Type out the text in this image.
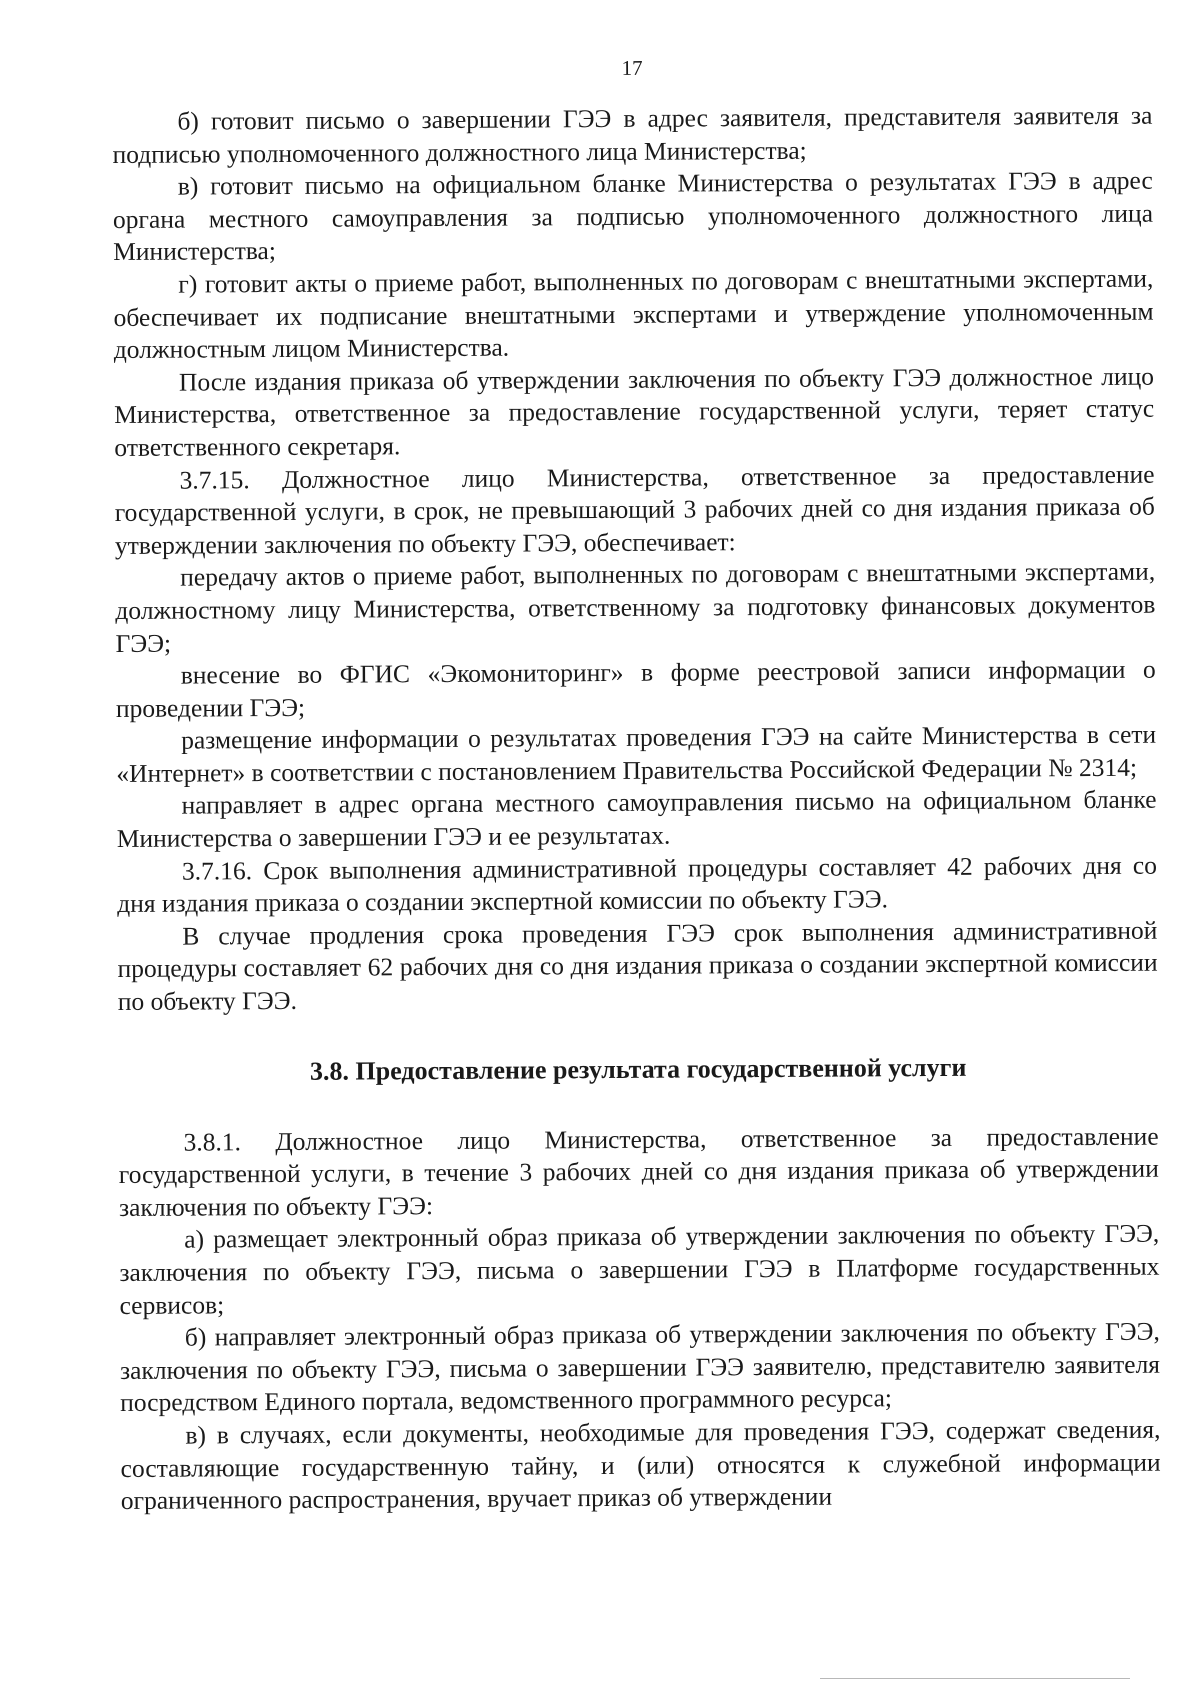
17

б) готовит письмо о завершении ГЭЭ в адрес заявителя, представителя заявителя за подписью уполномоченного должностного лица Министерства;

в) готовит письмо на официальном бланке Министерства о результатах ГЭЭ в адрес органа местного самоуправления за подписью уполномоченного должностного лица Министерства;

г) готовит акты о приеме работ, выполненных по договорам с внештатными экспертами, обеспечивает их подписание внештатными экспертами и утверждение уполномоченным должностным лицом Министерства.

После издания приказа об утверждении заключения по объекту ГЭЭ должностное лицо Министерства, ответственное за предоставление государственной услуги, теряет статус ответственного секретаря.

3.7.15. Должностное лицо Министерства, ответственное за предоставление государственной услуги, в срок, не превышающий 3 рабочих дней со дня издания приказа об утверждении заключения по объекту ГЭЭ, обеспечивает:

передачу актов о приеме работ, выполненных по договорам с внештатными экспертами, должностному лицу Министерства, ответственному за подготовку финансовых документов ГЭЭ;

внесение во ФГИС «Экомониторинг» в форме реестровой записи информации о проведении ГЭЭ;

размещение информации о результатах проведения ГЭЭ на сайте Министерства в сети «Интернет» в соответствии с постановлением Правительства Российской Федерации № 2314;

направляет в адрес органа местного самоуправления письмо на официальном бланке Министерства о завершении ГЭЭ и ее результатах.

3.7.16. Срок выполнения административной процедуры составляет 42 рабочих дня со дня издания приказа о создании экспертной комиссии по объекту ГЭЭ.

В случае продления срока проведения ГЭЭ срок выполнения административной процедуры составляет 62 рабочих дня со дня издания приказа о создании экспертной комиссии по объекту ГЭЭ.

3.8. Предоставление результата государственной услуги

3.8.1. Должностное лицо Министерства, ответственное за предоставление государственной услуги, в течение 3 рабочих дней со дня издания приказа об утверждении заключения по объекту ГЭЭ:

а) размещает электронный образ приказа об утверждении заключения по объекту ГЭЭ, заключения по объекту ГЭЭ, письма о завершении ГЭЭ в Платформе государственных сервисов;

б) направляет электронный образ приказа об утверждении заключения по объекту ГЭЭ, заключения по объекту ГЭЭ, письма о завершении ГЭЭ заявителю, представителю заявителя посредством Единого портала, ведомственного программного ресурса;

в) в случаях, если документы, необходимые для проведения ГЭЭ, содержат сведения, составляющие государственную тайну, и (или) относятся к служебной информации ограниченного распространения, вручает приказ об утверждении
